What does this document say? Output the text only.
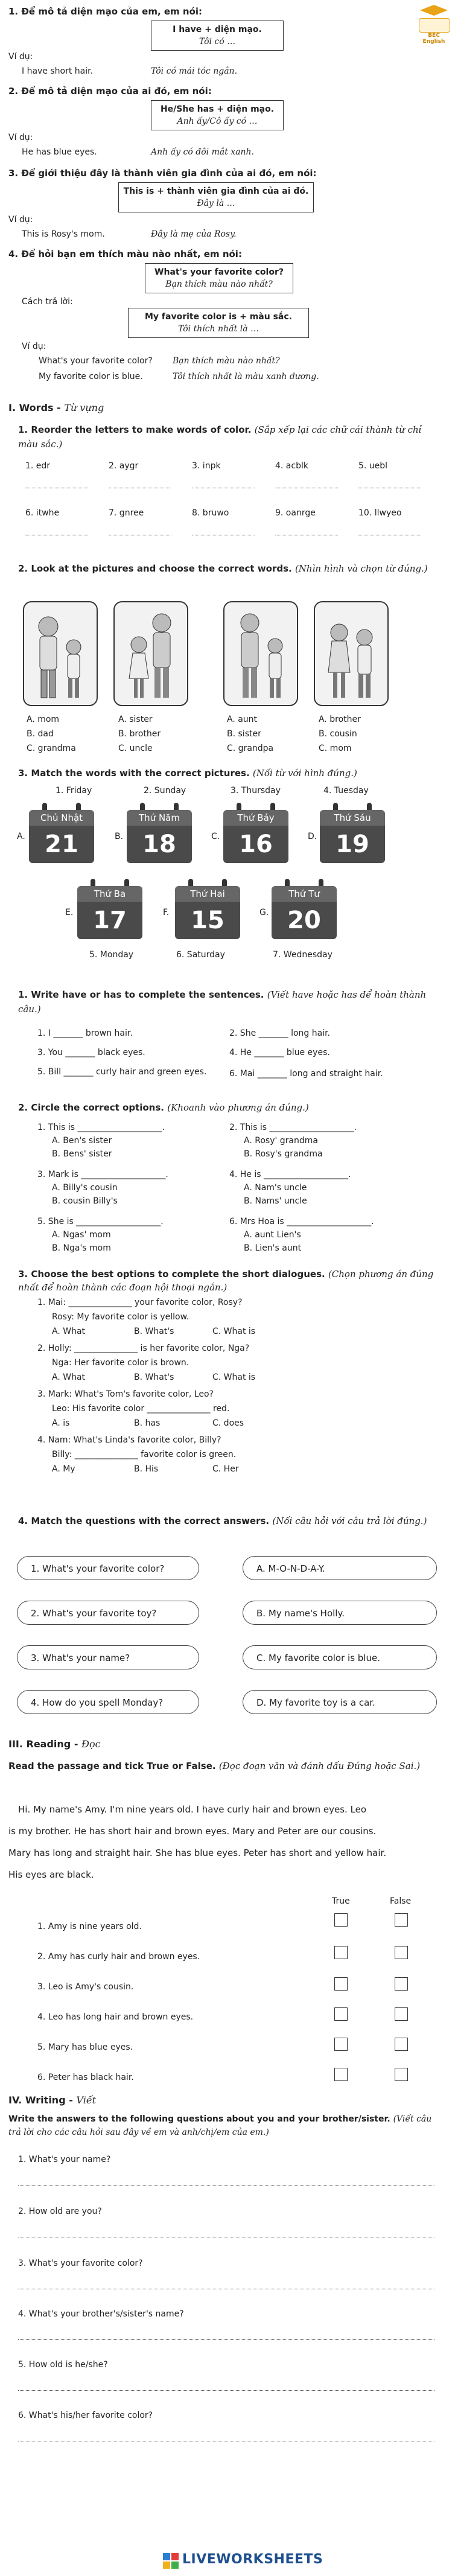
BEC English
1. Để mô tả diện mạo của em, em nói:
I have + diện mạo.
Tôi có …
Ví dụ:
I have short hair.	Tôi có mái tóc ngắn.
2. Để mô tả diện mạo của ai đó, em nói:
He/She has + diện mạo.
Anh ấy/Cô ấy có …
Ví dụ:
He has blue eyes.	Anh ấy có đôi mắt xanh.
3. Để giới thiệu đây là thành viên gia đình của ai đó, em nói:
This is + thành viên gia đình của ai đó.
Đây là …
Ví dụ:
This is Rosy's mom.	Đây là mẹ của Rosy.
4. Để hỏi bạn em thích màu nào nhất, em nói:
What's your favorite color?
Bạn thích màu nào nhất?
Cách trả lời:
My favorite color is + màu sắc.
Tôi thích nhất là …
Ví dụ:
What's your favorite color? Bạn thích màu nào nhất?
My favorite color is blue.	Tôi thích nhất là màu xanh dương.
I. Words - Từ vựng
1. Reorder the letters to make words of color. (Sắp xếp lại các chữ cái thành từ chỉ màu sắc.)
1. edr	2. aygr	3. inpk	4. acblk	5. uebl
6. itwhe	7. gnree	8. bruwo	9. oanrge	10. llwyeo
2. Look at the pictures and choose the correct words. (Nhìn hình và chọn từ đúng.)
A. mom
B. dad
C. grandma
A. sister
B. brother
C. uncle
A. aunt
B. sister
C. grandpa
A. brother
B. cousin
C. mom
3. Match the words with the correct pictures. (Nối từ với hình đúng.)
1. Friday	2. Sunday	3. Thursday	4. Tuesday
A.
Chủ Nhật
21	B.
Thứ Năm
18	C.
Thứ Bảy
16	D.
Thứ Sáu
19
E.
Thứ Ba
17	F.
Thứ Hai
15	G.
Thứ Tư
20
5. Monday	6. Saturday	7. Wednesday
1. Write have or has to complete the sentences. (Viết have hoặc has để hoàn thành câu.)
1. I _______ brown hair.	2. She _______ long hair.
3. You _______ black eyes.	4. He _______ blue eyes.
5. Bill _______ curly hair and green eyes.	6. Mai _______ long and straight hair.
2. Circle the correct options. (Khoanh vào phương án đúng.)
1. This is ____________________.
A. Ben's sister
B. Bens' sister
2. This is ____________________.
A. Rosy' grandma
B. Rosy's grandma
3. Mark is ____________________.
A. Billy's cousin
B. cousin Billy's
4. He is ____________________.
A. Nam's uncle
B. Nams' uncle
5. She is ____________________.
A. Ngas' mom
B. Nga's mom
6. Mrs Hoa is ____________________.
A. aunt Lien's
B. Lien's aunt
3. Choose the best options to complete the short dialogues. (Chọn phương án đúng nhất để hoàn thành các đoạn hội thoại ngắn.)
1. Mai: _______________ your favorite color, Rosy?
Rosy: My favorite color is yellow.
A. What	B. What's	C. What is
2. Holly: _______________ is her favorite color, Nga?
Nga: Her favorite color is brown.
A. What	B. What's	C. What is
3. Mark: What's Tom's favorite color, Leo?
Leo: His favorite color _______________ red.
A. is	B. has	C. does
4. Nam: What's Linda's favorite color, Billy?
Billy: _______________ favorite color is green.
A. My	B. His	C. Her
4. Match the questions with the correct answers. (Nối câu hỏi với câu trả lời đúng.)
1. What's your favorite color?	A. M-O-N-D-A-Y.
2. What's your favorite toy?	B. My name's Holly.
3. What's your name?	C. My favorite color is blue.
4. How do you spell Monday?	D. My favorite toy is a car.
III. Reading - Đọc
Read the passage and tick True or False. (Đọc đoạn văn và đánh dấu Đúng hoặc Sai.)
Hi. My name's Amy. I'm nine years old. I have curly hair and brown eyes. Leo
is my brother. He has short hair and brown eyes. Mary and Peter are our cousins.
Mary has long and straight hair. She has blue eyes. Peter has short and yellow hair.
His eyes are black.
True	False
1. Amy is nine years old.
2. Amy has curly hair and brown eyes.
3. Leo is Amy's cousin.
4. Leo has long hair and brown eyes.
5. Mary has blue eyes.
6. Peter has black hair.
IV. Writing - Viết
Write the answers to the following questions about you and your brother/sister. (Viết câu trả lời cho các câu hỏi sau đây về em và anh/chị/em của em.)
1. What's your name?
2. How old are you?
3. What's your favorite color?
4. What's your brother's/sister's name?
5. How old is he/she?
6. What's his/her favorite color?
LIVEWORKSHEETS
